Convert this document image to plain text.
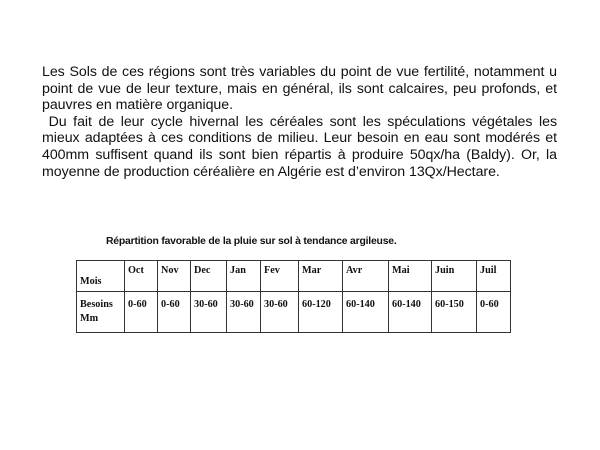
Les Sols de ces régions sont très variables du point de vue fertilité, notamment u point de vue de leur texture, mais en général, ils sont calcaires, peu profonds, et pauvres en matière organique.

Du fait de leur cycle hivernal les céréales sont les spéculations végétales les mieux adaptées à ces conditions de milieu. Leur besoin en eau sont modérés et 400mm suffisent quand ils sont bien répartis à produire 50qx/ha (Baldy). Or, la moyenne de production céréalière en Algérie est d’environ 13Qx/Hectare.

Répartition favorable de la pluie sur sol à tendance argileuse.
Mois	Oct	Nov	Dec	Jan	Fev	Mar	Avr	Mai	Juin	Juil

Besoins
Mm	0-60	0-60	30-60	30-60	30-60	60-120	60-140	60-140	60-150	0-60
